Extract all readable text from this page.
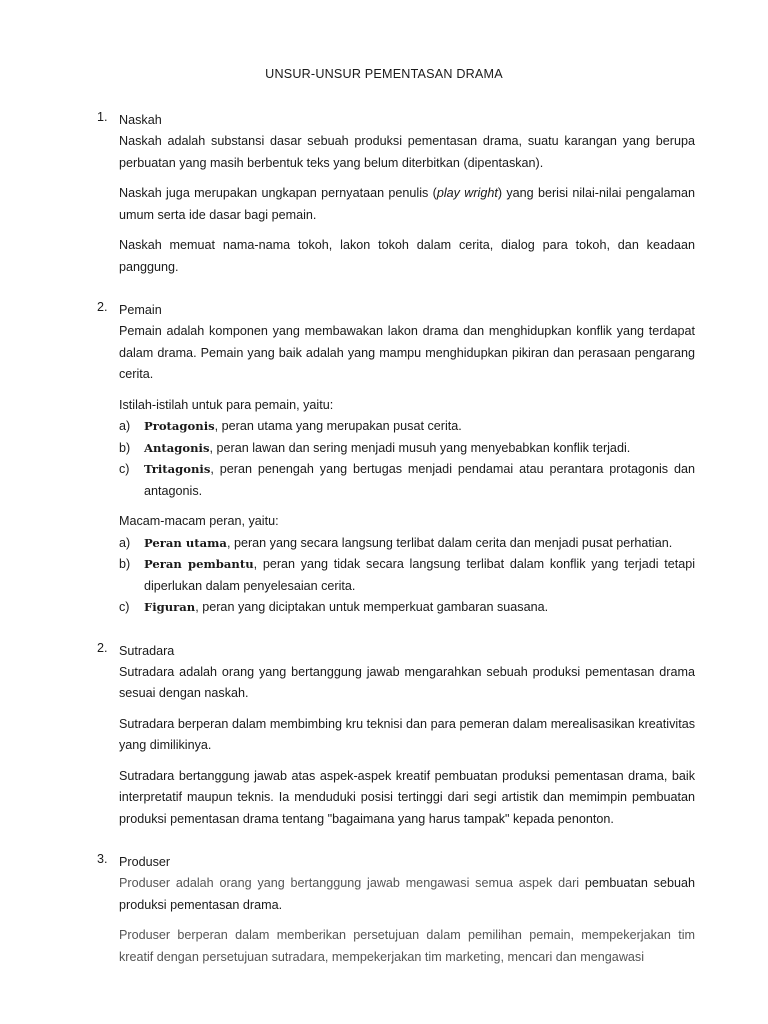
UNSUR-UNSUR PEMENTASAN DRAMA
1. Naskah

Naskah adalah substansi dasar sebuah produksi pementasan drama, suatu karangan yang berupa perbuatan yang masih berbentuk teks yang belum diterbitkan (dipentaskan).

Naskah juga merupakan ungkapan pernyataan penulis (play wright) yang berisi nilai-nilai pengalaman umum serta ide dasar bagi pemain.

Naskah memuat nama-nama tokoh, lakon tokoh dalam cerita, dialog para tokoh, dan keadaan panggung.

2. Pemain

Pemain adalah komponen yang membawakan lakon drama dan menghidupkan konflik yang terdapat dalam drama. Pemain yang baik adalah yang mampu menghidupkan pikiran dan perasaan pengarang cerita.

Istilah-istilah untuk para pemain, yaitu:
a) Protagonis, peran utama yang merupakan pusat cerita.
b) Antagonis, peran lawan dan sering menjadi musuh yang menyebabkan konflik terjadi.
c) Tritagonis, peran penengah yang bertugas menjadi pendamai atau perantara protagonis dan antagonis.
Macam-macam peran, yaitu:
a) Peran utama, peran yang secara langsung terlibat dalam cerita dan menjadi pusat perhatian.
b) Peran pembantu, peran yang tidak secara langsung terlibat dalam konflik yang terjadi tetapi diperlukan dalam penyelesaian cerita.
c) Figuran, peran yang diciptakan untuk memperkuat gambaran suasana.
2. Sutradara

Sutradara adalah orang yang bertanggung jawab mengarahkan sebuah produksi pementasan drama sesuai dengan naskah.

Sutradara berperan dalam membimbing kru teknisi dan para pemeran dalam merealisasikan kreativitas yang dimilikinya.

Sutradara bertanggung jawab atas aspek-aspek kreatif pembuatan produksi pementasan drama, baik interpretatif maupun teknis. Ia menduduki posisi tertinggi dari segi artistik dan memimpin pembuatan produksi pementasan drama tentang "bagaimana yang harus tampak" kepada penonton.

3. Produser

Produser adalah orang yang bertanggung jawab mengawasi semua aspek dari pembuatan sebuah produksi pementasan drama.

Produser berperan dalam memberikan persetujuan dalam pemilihan pemain, mempekerjakan tim kreatif dengan persetujuan sutradara, mempekerjakan tim marketing, mencari dan mengawasi
